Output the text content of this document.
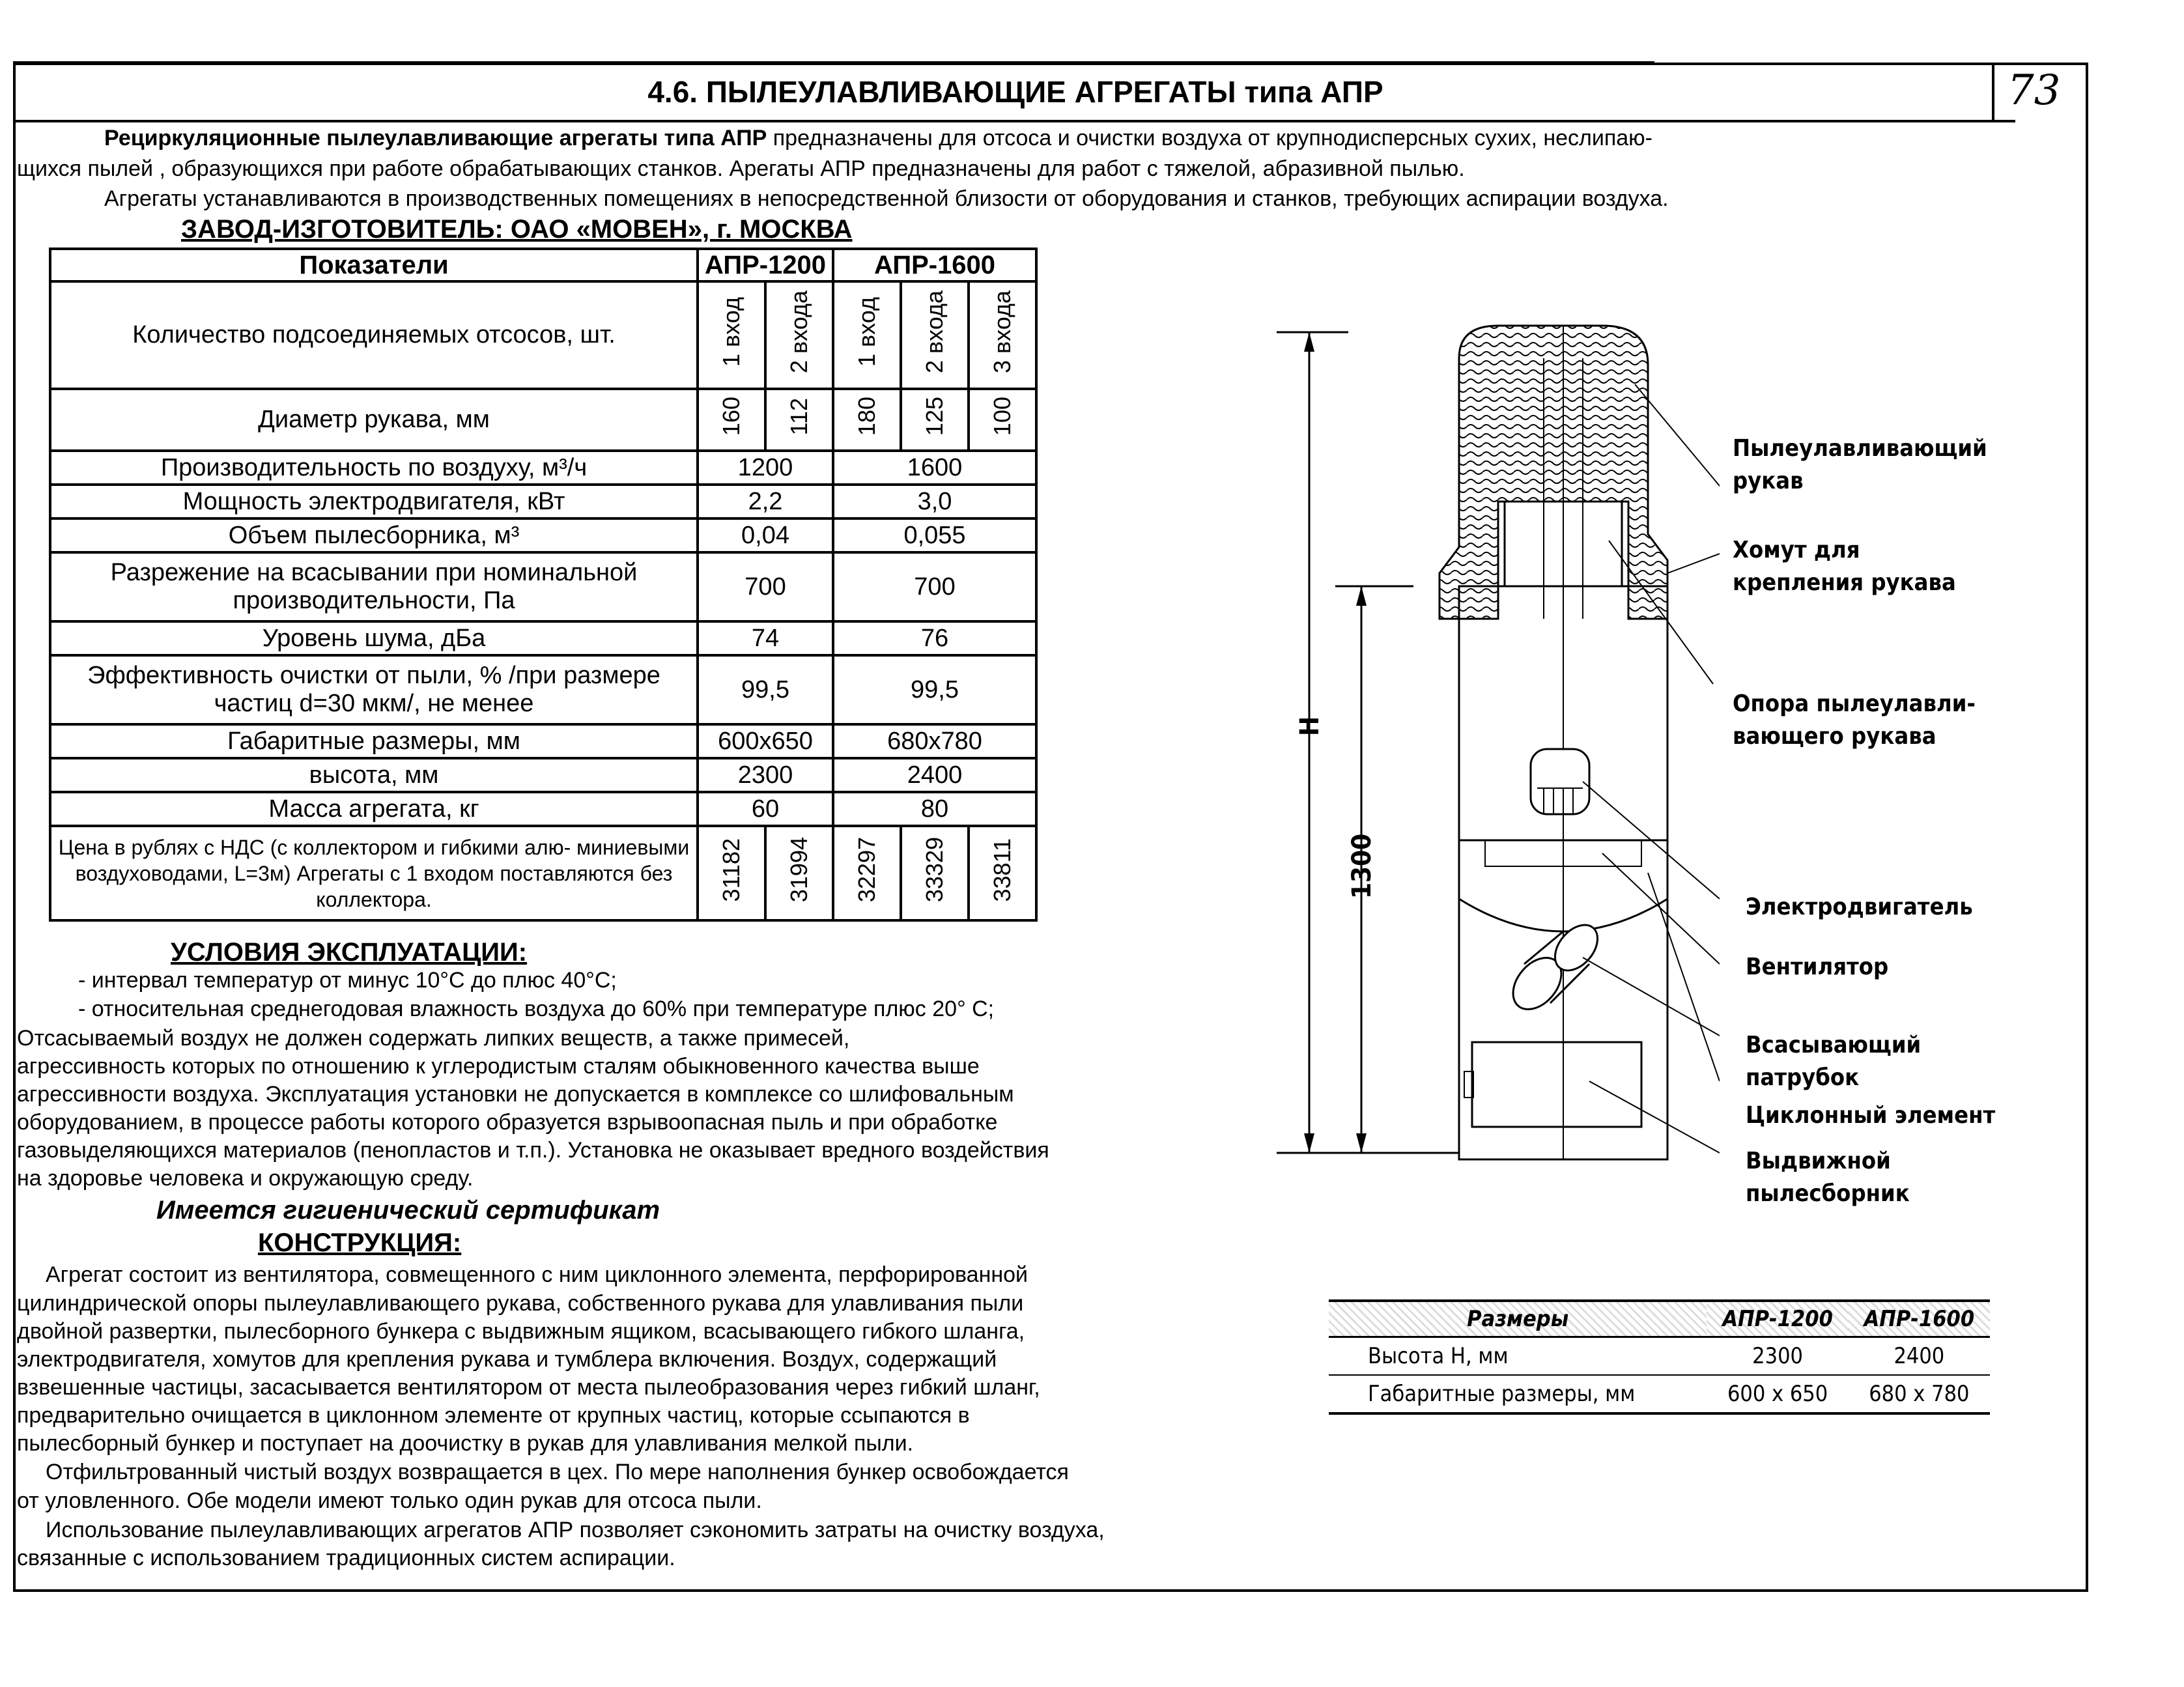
4.6. ПЫЛЕУЛАВЛИВАЮЩИЕ АГРЕГАТЫ типа АПР	73
Рециркуляционные пылеулавливающие агрегаты типа АПР предназначены для отсоса и очистки воздуха от крупнодисперсных сухих, неслипаю-
щихся пылей , образующихся при работе обрабатывающих станков. Арегаты АПР предназначены для работ с тяжелой, абразивной пылью.
Агрегаты устанавливаются в производственных помещениях в непосредственной близости от оборудования и станков, требующих аспирации воздуха.
ЗАВОД-ИЗГОТОВИТЕЛЬ: ОАО «МОВЕН», г. МОСКВА
Показатели	АПР-1200		АПР-1600		
Количество подсоединяемых отсосов, шт.	1 вход	2 входа	1 вход	2 входа	3 входа
Диаметр рукава, мм	160	112	180	125	100
Производительность по воздуху, м³/ч	1200		1600		
Мощность электродвигателя, кВт	2,2		3,0		
Объем пылесборника, м³	0,04		0,055		
Разрежение на всасывании при номинальной производительности, Па	700		700		
Уровень шума, дБа	74		76		
Эффективность очистки от пыли, % /при размере частиц d=30 мкм/, не менее	99,5		99,5		
Габаритные размеры, мм	600x650		680x780		
высота, мм	2300		2400		
Масса агрегата, кг	60		80		
Цена в рублях с НДС (с коллектором и гибкими алю- миниевыми воздуховодами, L=3м) Агрегаты с 1 входом поставляются без коллектора.	31182	31994	32297	33329	33811
УСЛОВИЯ ЭКСПЛУАТАЦИИ:
- интервал температур от минус 10°С до плюс 40°С;
- относительная среднегодовая влажность воздуха до 60% при температуре плюс 20° С;
Отсасываемый воздух не должен содержать липких веществ, а также примесей,
агрессивность которых по отношению к углеродистым сталям обыкновенного качества выше
агрессивности воздуха. Эксплуатация установки не допускается в комплексе со шлифовальным
оборудованием, в процессе работы которого образуется взрывоопасная пыль и при обработке
газовыделяющихся материалов (пенопластов и т.п.). Установка не оказывает вредного воздействия
на здоровье человека и окружающую среду.
Имеется гигиенический сертификат
КОНСТРУКЦИЯ:
Агрегат состоит из вентилятора, совмещенного с ним циклонного элемента, перфорированной
цилиндрической опоры пылеулавливающего рукава, собственного рукава для улавливания пыли
двойной развертки, пылесборного бункера с выдвижным ящиком, всасывающего гибкого шланга,
электродвигателя, хомутов для крепления рукава и тумблера включения. Воздух, содержащий
взвешенные частицы, засасывается вентилятором от места пылеобразования через гибкий шланг,
предварительно очищается в циклонном элементе от крупных частиц, которые ссыпаются в
пылесборный бункер и поступает на доочистку в рукав для улавливания мелкой пыли.
Отфильтрованный чистый воздух возвращается в цех. По мере наполнения бункер освобождается
от уловленного. Обе модели имеют только один рукав для отсоса пыли.
Использование пылеулавливающих агрегатов АПР позволяет сэкономить затраты на очистку воздуха,
связанные с использованием традиционных систем аспирации.
Н
1300
Пылеулавливающий
рукав
Хомут для
крепления рукава
Опора пылеулавли-
вающего рукава
Электродвигатель
Вентилятор
Всасывающий
патрубок
Циклонный элемент
Выдвижной
пылесборник
Размеры	АПР-1200	АПР-1600
Высота Н, мм	2300	2400
Габаритные размеры, мм	600 х 650	680 х 780
